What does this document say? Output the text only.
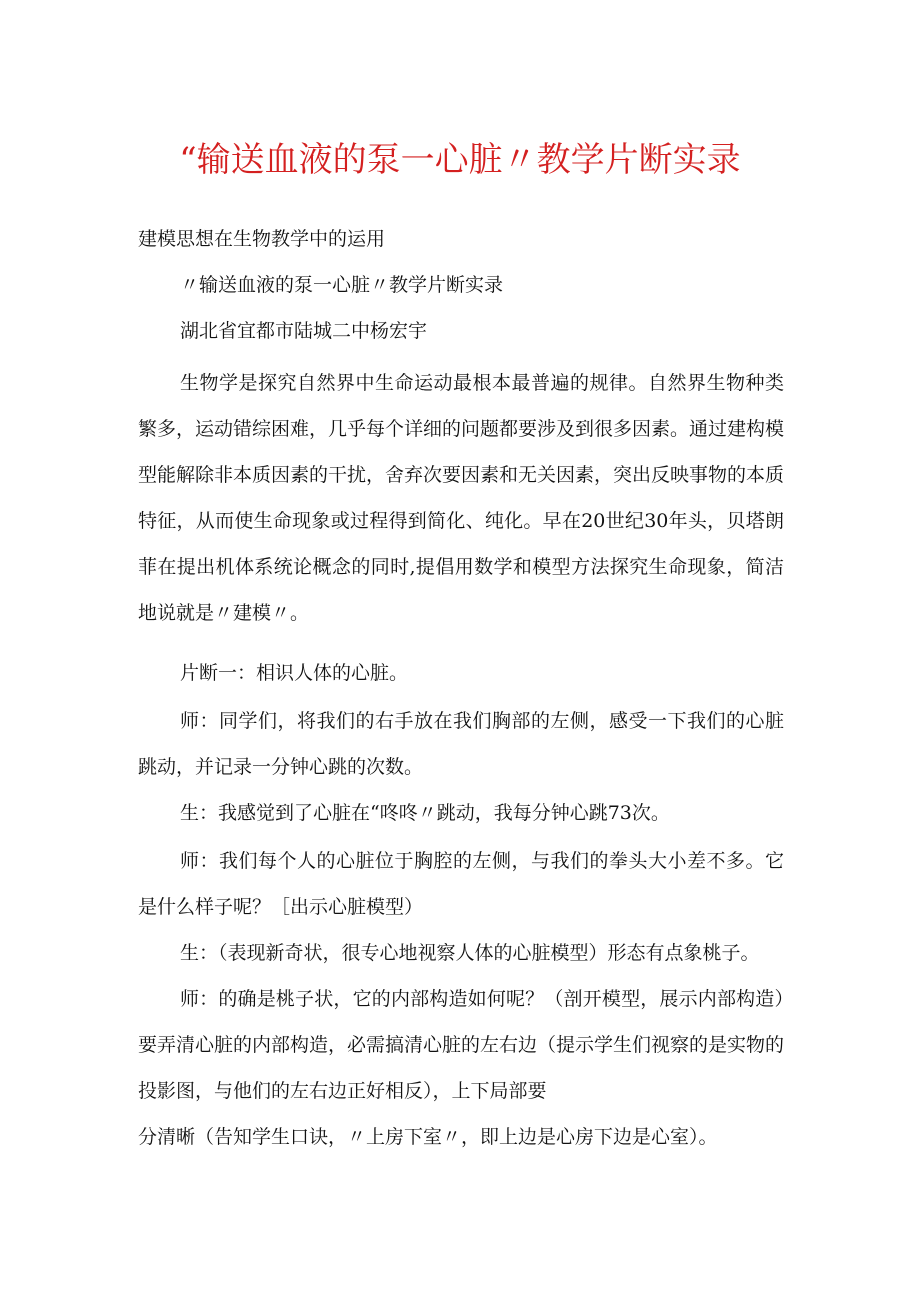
“输送血液的泵一心脏〃教学片断实录
建模思想在生物教学中的运用
〃输送血液的泵一心脏〃教学片断实录
湖北省宜都市陆城二中杨宏宇
生物学是探究自然界中生命运动最根本最普遍的规律。自然界生物种类繁多，运动错综困难，几乎每个详细的问题都要涉及到很多因素。通过建构模型能解除非本质因素的干扰，舍弃次要因素和无关因素，突出反映事物的本质特征，从而使生命现象或过程得到简化、纯化。早在20世纪30年头，贝塔朗菲在提出机体系统论概念的同时,提倡用数学和模型方法探究生命现象，简洁地说就是〃建模〃。
片断一：相识人体的心脏。
师：同学们，将我们的右手放在我们胸部的左侧，感受一下我们的心脏跳动，并记录一分钟心跳的次数。
生：我感觉到了心脏在“咚咚〃跳动，我每分钟心跳73次。
师：我们每个人的心脏位于胸腔的左侧，与我们的拳头大小差不多。它是什么样子呢？［出示心脏模型）
生：（表现新奇状，很专心地视察人体的心脏模型）形态有点象桃子。
师：的确是桃子状，它的内部构造如何呢？（剖开模型，展示内部构造）要弄清心脏的内部构造，必需搞清心脏的左右边（提示学生们视察的是实物的投影图，与他们的左右边正好相反），上下局部要
分清晰（告知学生口诀，〃上房下室〃，即上边是心房下边是心室）。
